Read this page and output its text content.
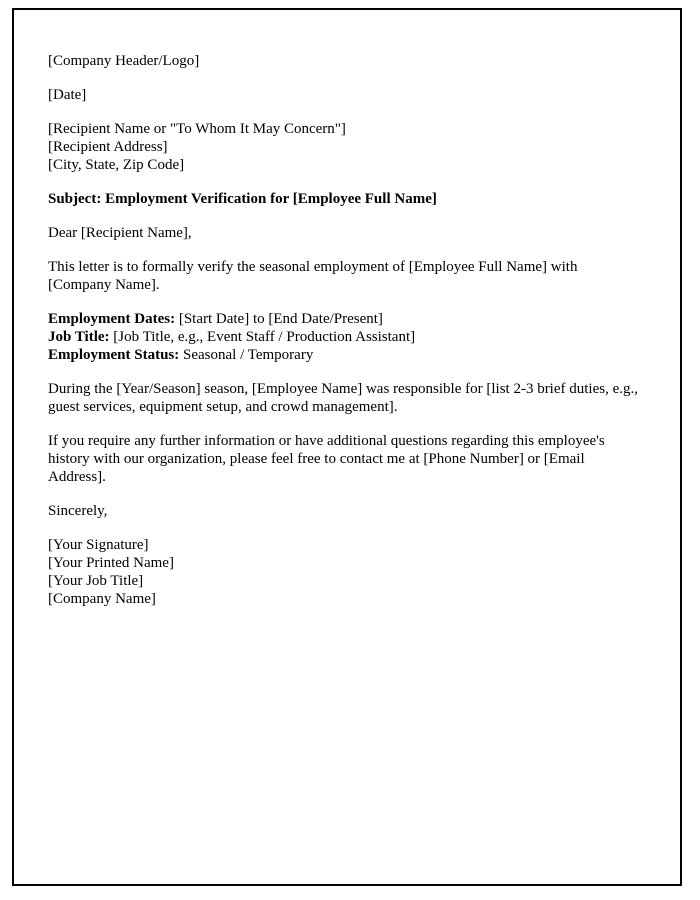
[Company Header/Logo]

[Date]

[Recipient Name or "To Whom It May Concern"]
[Recipient Address]
[City, State, Zip Code]

Subject: Employment Verification for [Employee Full Name]

Dear [Recipient Name],

This letter is to formally verify the seasonal employment of [Employee Full Name] with [Company Name].

Employment Dates: [Start Date] to [End Date/Present]
Job Title: [Job Title, e.g., Event Staff / Production Assistant]
Employment Status: Seasonal / Temporary

During the [Year/Season] season, [Employee Name] was responsible for [list 2-3 brief duties, e.g., guest services, equipment setup, and crowd management].

If you require any further information or have additional questions regarding this employee's history with our organization, please feel free to contact me at [Phone Number] or [Email Address].

Sincerely,

[Your Signature]
[Your Printed Name]
[Your Job Title]
[Company Name]
